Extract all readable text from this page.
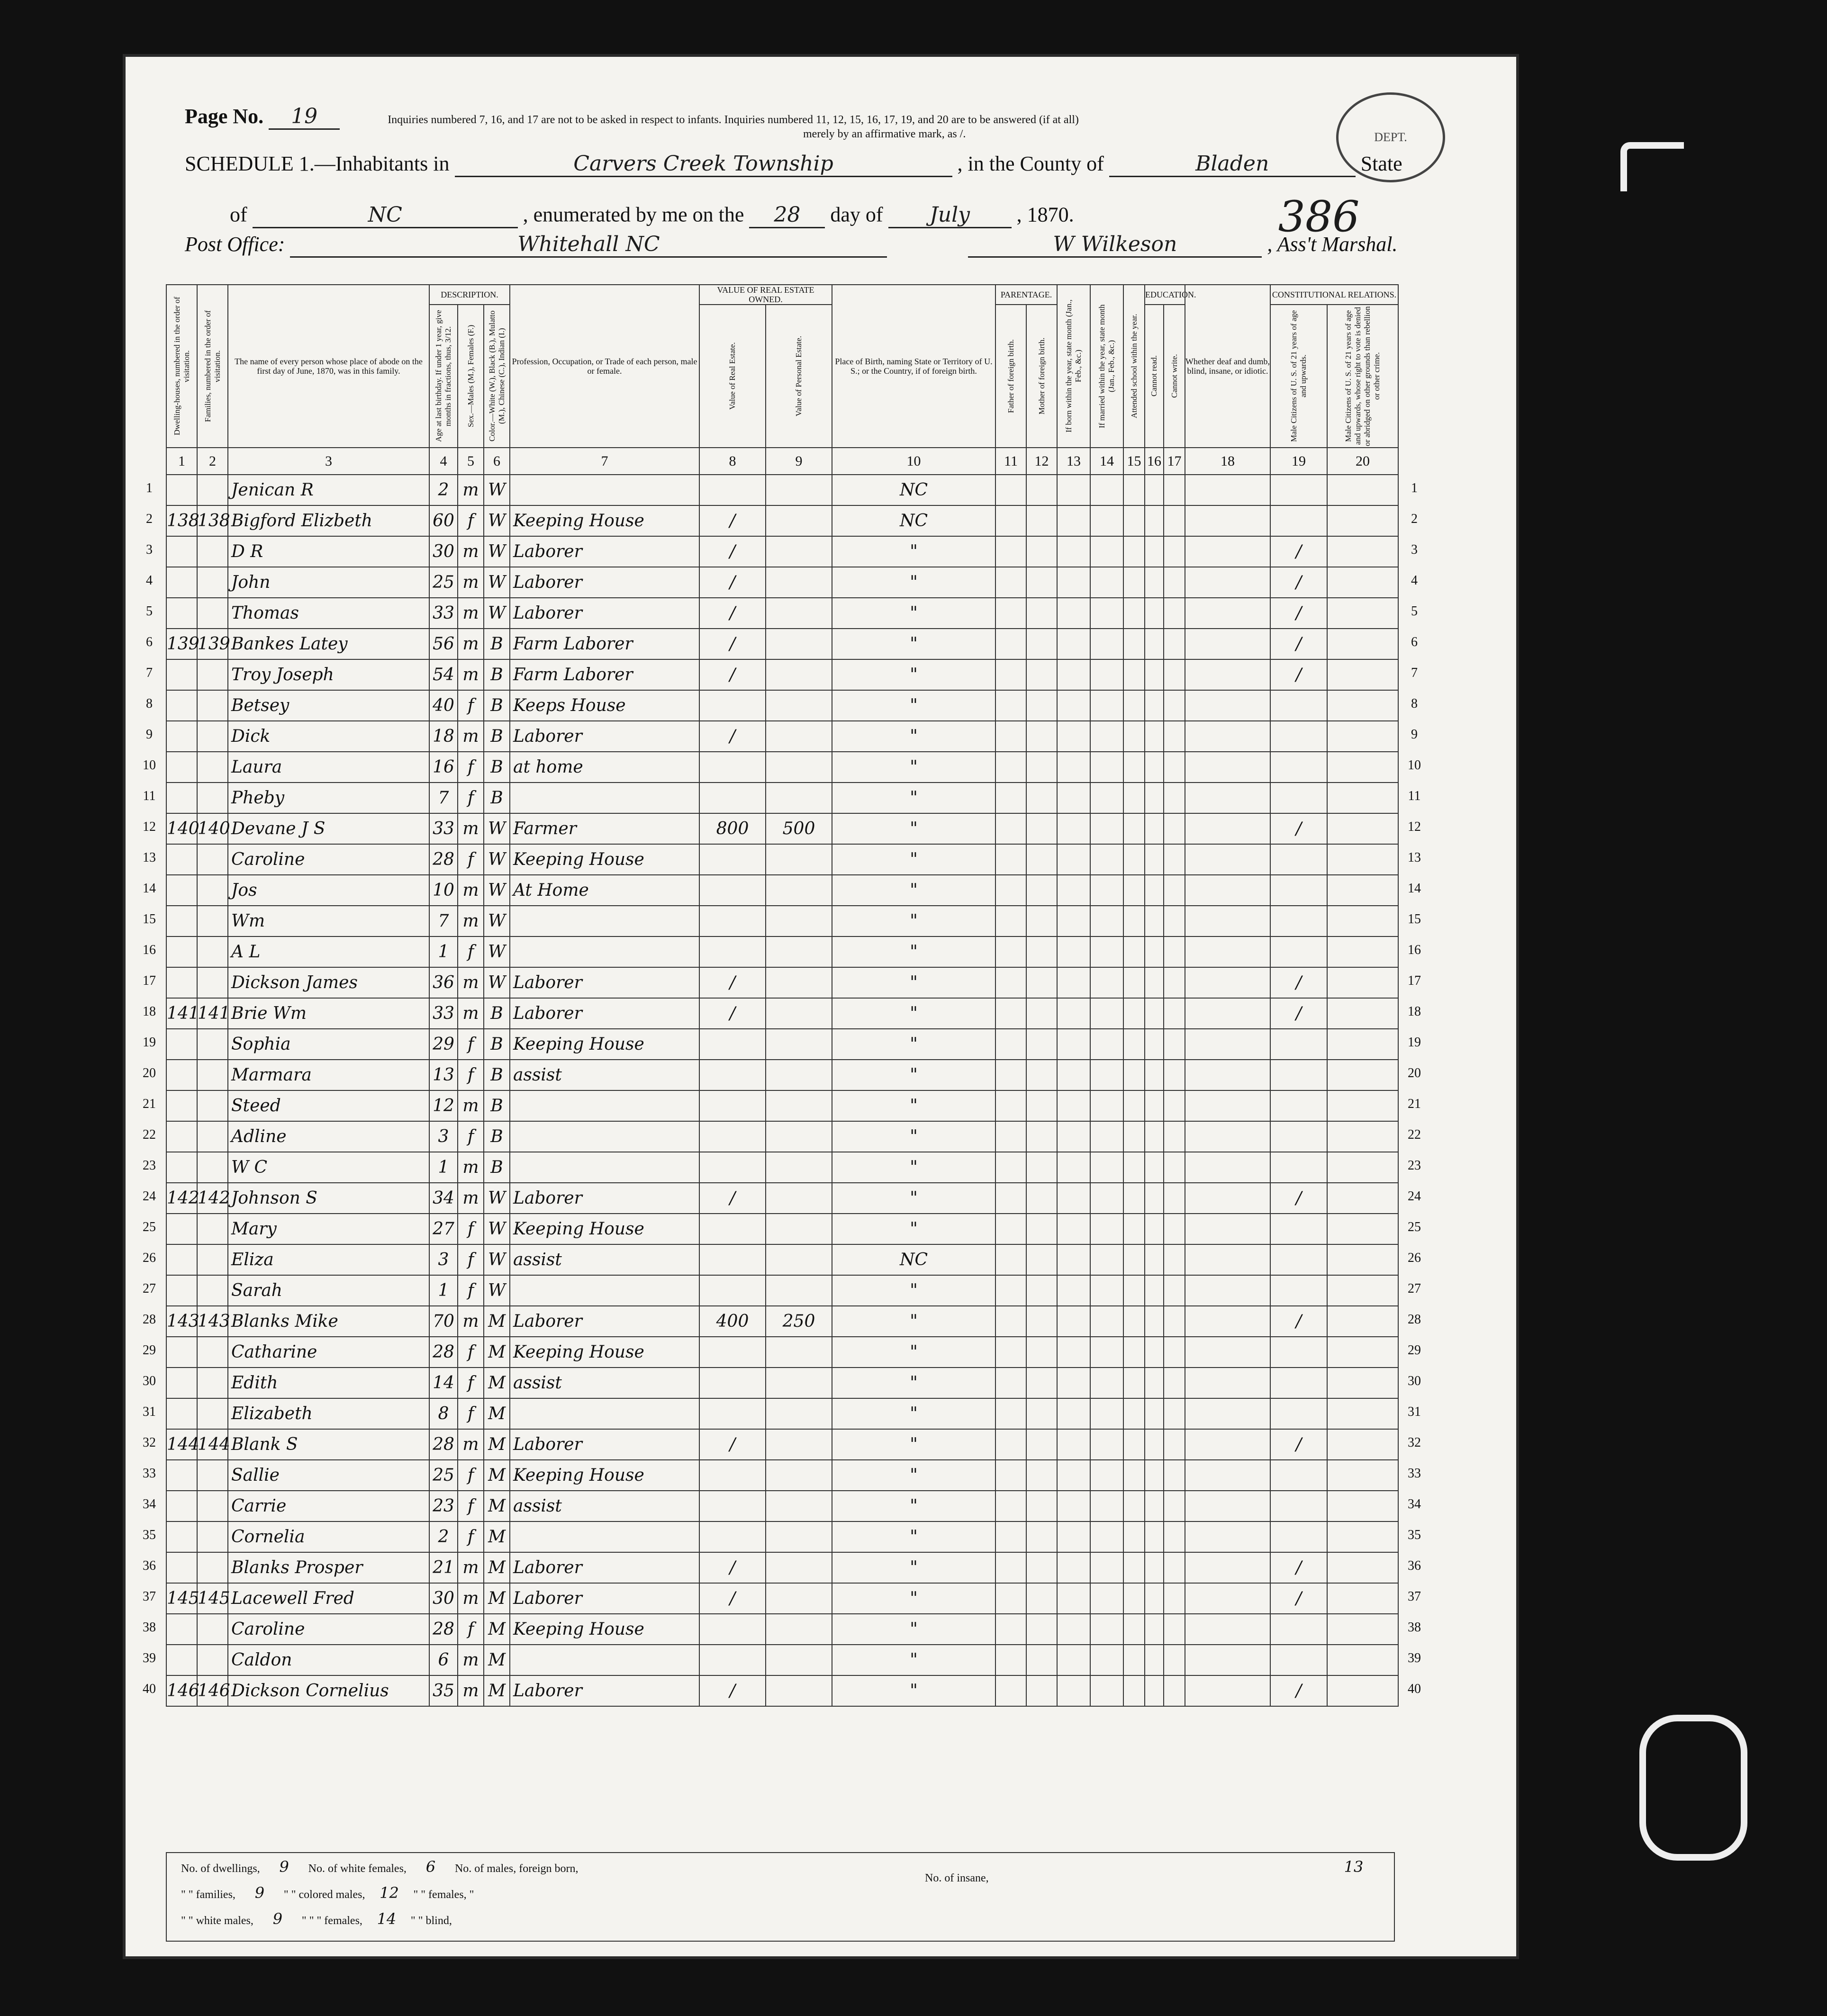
DEPT.
Page No. 19	Inquiries numbered 7, 16, and 17 are not to be asked in respect to infants. Inquiries numbered 11, 12, 15, 16, 17, 19, and 20 are to be answered (if at all)
merely by an affirmative mark, as /.
SCHEDULE 1.—Inhabitants in	Carvers Creek Township	, in the County of	Bladen	State
of	NC	, enumerated by me on the 28 day of July , 1870.	386
Post Office:	Whitehall NC	W Wilkeson	, Ass't Marshal.
Dwelling-houses, numbered in the order of visitation.	Families, numbered in the order of visitation.	The name of every person whose place of abode on the first day of June, 1870, was in this family.	DESCRIPTION.			Profession, Occupation, or Trade of each person, male or female.	VALUE OF REAL ESTATE OWNED.		Place of Birth, naming State or Territory of U. S.; or the Country, if of foreign birth.	PARENTAGE.		If born within the year, state month (Jan., Feb., &c.)	If married within the year, state month (Jan., Feb., &c.)	Attended school within the year.	EDUCATION.		Whether deaf and dumb, blind, insane, or idiotic.	CONSTITUTIONAL RELATIONS.	

			Age at last birthday. If under 1 year, give months in fractions, thus, 3/12.	Sex.—Males (M.), Females (F.)	Color.—White (W.), Black (B.), Mulatto (M.), Chinese (C.), Indian (I.)		Value of Real Estate.	Value of Personal Estate.		Father of foreign birth.	Mother of foreign birth.				Cannot read.	Cannot write.		Male Citizens of U. S. of 21 years of age and upwards.	Male Citizens of U. S. of 21 years of age and upwards, whose right to vote is denied or abridged on other grounds than rebellion or other crime.

1	2	3	4	5	6	7	8	9	10	11	12	13	14	15	16	17	18	19	20
		Jenican R	2	m	W				NC										
138	138	Bigford Elizbeth	60	f	W	Keeping House	/		NC										
		D R	30	m	W	Laborer	/		"									/	
		John	25	m	W	Laborer	/		"									/	
		Thomas	33	m	W	Laborer	/		"									/	
139	139	Bankes Latey	56	m	B	Farm Laborer	/		"									/	
		Troy Joseph	54	m	B	Farm Laborer	/		"									/	
		Betsey	40	f	B	Keeps House			"										
		Dick	18	m	B	Laborer	/		"										
		Laura	16	f	B	at home			"										
		Pheby	7	f	B				"										
140	140	Devane J S	33	m	W	Farmer	800	500	"									/	
		Caroline	28	f	W	Keeping House			"										
		Jos	10	m	W	At Home			"										
		Wm	7	m	W				"										
		A L	1	f	W				"										
		Dickson James	36	m	W	Laborer	/		"									/	
141	141	Brie Wm	33	m	B	Laborer	/		"									/	
		Sophia	29	f	B	Keeping House			"										
		Marmara	13	f	B	assist			"										
		Steed	12	m	B				"										
		Adline	3	f	B				"										
		W C	1	m	B				"										
142	142	Johnson S	34	m	W	Laborer	/		"									/	
		Mary	27	f	W	Keeping House			"										
		Eliza	3	f	W	assist			NC										
		Sarah	1	f	W				"										
143	143	Blanks Mike	70	m	M	Laborer	400	250	"									/	
		Catharine	28	f	M	Keeping House			"										
		Edith	14	f	M	assist			"										
		Elizabeth	8	f	M				"										
144	144	Blank S	28	m	M	Laborer	/		"									/	
		Sallie	25	f	M	Keeping House			"										
		Carrie	23	f	M	assist			"										
		Cornelia	2	f	M				"										
		Blanks Prosper	21	m	M	Laborer	/		"									/	
145	145	Lacewell Fred	30	m	M	Laborer	/		"									/	
		Caroline	28	f	M	Keeping House			"										
		Caldon	6	m	M				"										
146	146	Dickson Cornelius	35	m	M	Laborer	/		"									/	
No. of dwellings, 9 No. of white females, 6 No. of males, foreign born,
" " families, 9 " " colored males, 12 " " females, "
" " white males, 9 " " " females, 14 " " blind,
No. of insane,
13
1	1
2	2
3	3
4	4
5	5
6	6
7	7
8	8
9	9
10	10
11	11
12	12
13	13
14	14
15	15
16	16
17	17
18	18
19	19
20	20
21	21
22	22
23	23
24	24
25	25
26	26
27	27
28	28
29	29
30	30
31	31
32	32
33	33
34	34
35	35
36	36
37	37
38	38
39	39
40	40
